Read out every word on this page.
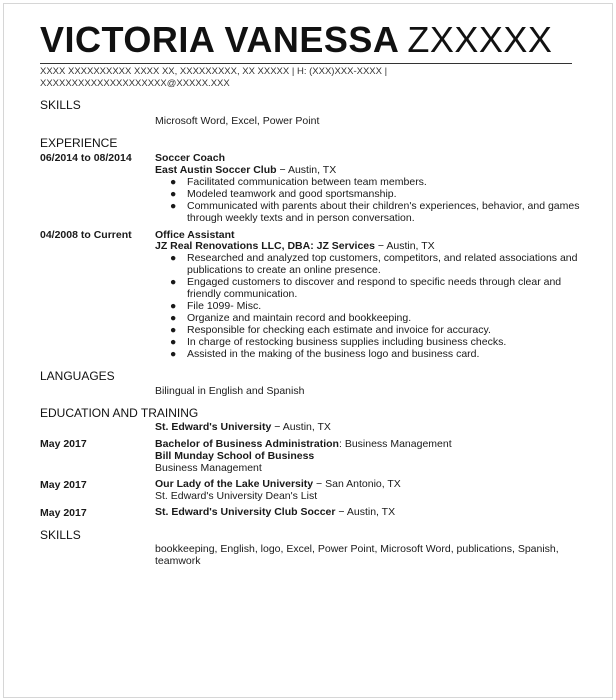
VICTORIA VANESSA ZXXXXX
XXXX XXXXXXXXXX XXXX XX, XXXXXXXXX, XX XXXXX | H: (XXX)XXX-XXXX |
XXXXXXXXXXXXXXXXXXXX@XXXXX.XXX
SKILLS
Microsoft Word, Excel, Power Point
EXPERIENCE
06/2014 to 08/2014 Soccer Coach
East Austin Soccer Club − Austin, TX
● Facilitated communication between team members.
● Modeled teamwork and good sportsmanship.
● Communicated with parents about their children's experiences, behavior, and games through weekly texts and in person conversation.
04/2008 to Current Office Assistant
JZ Real Renovations LLC, DBA: JZ Services − Austin, TX
● Researched and analyzed top customers, competitors, and related associations and publications to create an online presence.
● Engaged customers to discover and respond to specific needs through clear and friendly communication.
● File 1099- Misc.
● Organize and maintain record and bookkeeping.
● Responsible for checking each estimate and invoice for accuracy.
● In charge of restocking business supplies including business checks.
● Assisted in the making of the business logo and business card.
LANGUAGES
Bilingual in English and Spanish
EDUCATION AND TRAINING
St. Edward's University − Austin, TX
May 2017	Bachelor of Business Administration: Business Management
Bill Munday School of Business
Business Management
May 2017	Our Lady of the Lake University − San Antonio, TX
St. Edward's University Dean's List
May 2017	St. Edward's University Club Soccer − Austin, TX
SKILLS
bookkeeping, English, logo, Excel, Power Point, Microsoft Word, publications, Spanish, teamwork
